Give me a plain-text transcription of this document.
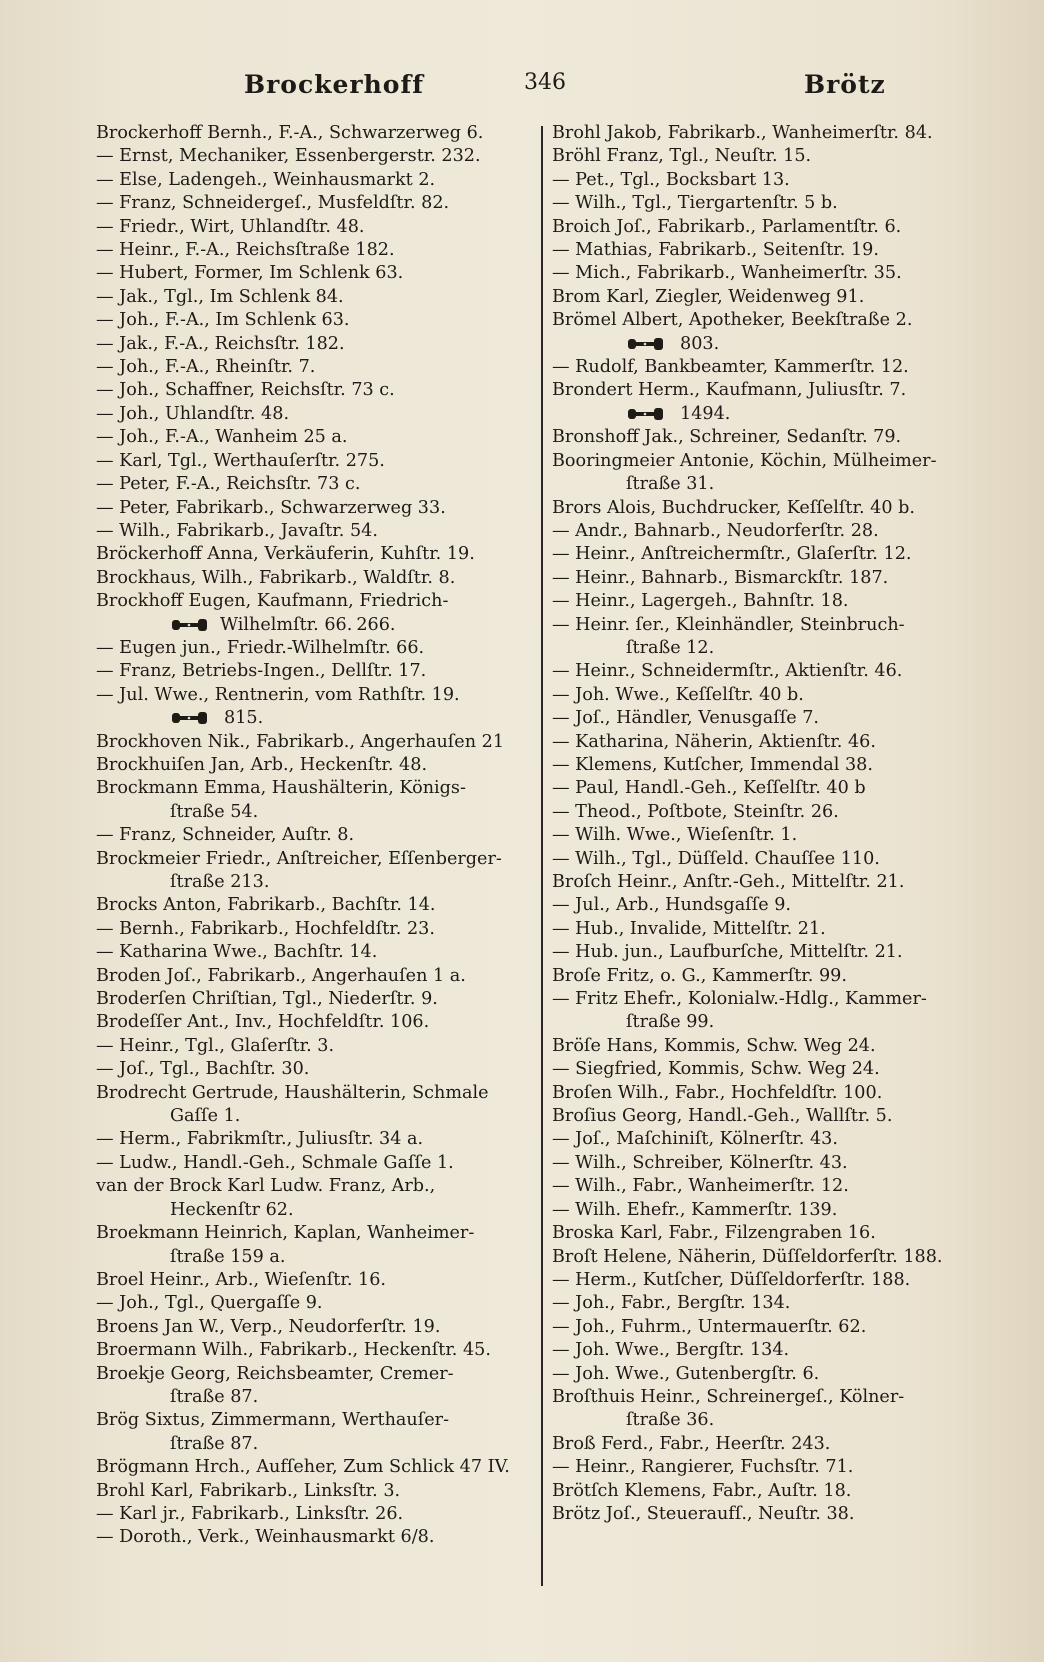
Brockerhoff	346	Brötz
Brockerhoff Bernh., F.-A., Schwarzerweg 6.
— Ernst, Mechaniker, Essenbergerstr. 232.
— Else, Ladengeh., Weinhausmarkt 2.
— Franz, Schneidergeſ., Musfeldſtr. 82.
— Friedr., Wirt, Uhlandſtr. 48.
— Heinr., F.-A., Reichsſtraße 182.
— Hubert, Former, Im Schlenk 63.
— Jak., Tgl., Im Schlenk 84.
— Joh., F.-A., Im Schlenk 63.
— Jak., F.-A., Reichsſtr. 182.
— Joh., F.-A., Rheinſtr. 7.
— Joh., Schaffner, Reichsſtr. 73 c.
— Joh., Uhlandſtr. 48.
— Joh., F.-A., Wanheim 25 a.
— Karl, Tgl., Werthauſerſtr. 275.
— Peter, F.-A., Reichsſtr. 73 c.
— Peter, Fabrikarb., Schwarzerweg 33.
— Wilh., Fabrikarb., Javaſtr. 54.
Bröckerhoff Anna, Verkäuferin, Kuhſtr. 19.
Brockhaus, Wilh., Fabrikarb., Waldſtr. 8.
Brockhoff Eugen, Kaufmann, Friedrich-
Wilhelmſtr. 66. 266.
— Eugen jun., Friedr.-Wilhelmſtr. 66.
— Franz, Betriebs-Ingen., Dellſtr. 17.
— Jul. Wwe., Rentnerin, vom Rathſtr. 19.
815.
Brockhoven Nik., Fabrikarb., Angerhauſen 21
Brockhuiſen Jan, Arb., Heckenſtr. 48.
Brockmann Emma, Haushälterin, Königs-
ſtraße 54.
— Franz, Schneider, Auſtr. 8.
Brockmeier Friedr., Anſtreicher, Eſſenberger-
ſtraße 213.
Brocks Anton, Fabrikarb., Bachſtr. 14.
— Bernh., Fabrikarb., Hochfeldſtr. 23.
— Katharina Wwe., Bachſtr. 14.
Broden Joſ., Fabrikarb., Angerhauſen 1 a.
Broderſen Chriſtian, Tgl., Niederſtr. 9.
Brodeſſer Ant., Inv., Hochfeldſtr. 106.
— Heinr., Tgl., Glaſerſtr. 3.
— Joſ., Tgl., Bachſtr. 30.
Brodrecht Gertrude, Haushälterin, Schmale
Gaſſe 1.
— Herm., Fabrikmſtr., Juliusſtr. 34 a.
— Ludw., Handl.-Geh., Schmale Gaſſe 1.
van der Brock Karl Ludw. Franz, Arb.,
Heckenſtr 62.
Broekmann Heinrich, Kaplan, Wanheimer-
ſtraße 159 a.
Broel Heinr., Arb., Wieſenſtr. 16.
— Joh., Tgl., Quergaſſe 9.
Broens Jan W., Verp., Neudorferſtr. 19.
Broermann Wilh., Fabrikarb., Heckenſtr. 45.
Broekje Georg, Reichsbeamter, Cremer-
ſtraße 87.
Brög Sixtus, Zimmermann, Werthauſer-
ſtraße 87.
Brögmann Hrch., Aufſeher, Zum Schlick 47 IV.
Brohl Karl, Fabrikarb., Linksſtr. 3.
— Karl jr., Fabrikarb., Linksſtr. 26.
— Doroth., Verk., Weinhausmarkt 6/8.
Brohl Jakob, Fabrikarb., Wanheimerſtr. 84.
Bröhl Franz, Tgl., Neuſtr. 15.
— Pet., Tgl., Bocksbart 13.
— Wilh., Tgl., Tiergartenſtr. 5 b.
Broich Joſ., Fabrikarb., Parlamentſtr. 6.
— Mathias, Fabrikarb., Seitenſtr. 19.
— Mich., Fabrikarb., Wanheimerſtr. 35.
Brom Karl, Ziegler, Weidenweg 91.
Brömel Albert, Apotheker, Beekſtraße 2.
803.
— Rudolf, Bankbeamter, Kammerſtr. 12.
Brondert Herm., Kaufmann, Juliusſtr. 7.
1494.
Bronshoff Jak., Schreiner, Sedanſtr. 79.
Booringmeier Antonie, Köchin, Mülheimer-
ſtraße 31.
Brors Alois, Buchdrucker, Keſſelſtr. 40 b.
— Andr., Bahnarb., Neudorferſtr. 28.
— Heinr., Anſtreichermſtr., Glaſerſtr. 12.
— Heinr., Bahnarb., Bismarckſtr. 187.
— Heinr., Lagergeh., Bahnſtr. 18.
— Heinr. ſer., Kleinhändler, Steinbruch-
ſtraße 12.
— Heinr., Schneidermſtr., Aktienſtr. 46.
— Joh. Wwe., Keſſelſtr. 40 b.
— Joſ., Händler, Venusgaſſe 7.
— Katharina, Näherin, Aktienſtr. 46.
— Klemens, Kutſcher, Immendal 38.
— Paul, Handl.-Geh., Keſſelſtr. 40 b
— Theod., Poſtbote, Steinſtr. 26.
— Wilh. Wwe., Wieſenſtr. 1.
— Wilh., Tgl., Düſſeld. Chauſſee 110.
Broſch Heinr., Anſtr.-Geh., Mittelſtr. 21.
— Jul., Arb., Hundsgaſſe 9.
— Hub., Invalide, Mittelſtr. 21.
— Hub. jun., Laufburſche, Mittelſtr. 21.
Broſe Fritz, o. G., Kammerſtr. 99.
— Fritz Ehefr., Kolonialw.-Hdlg., Kammer-
ſtraße 99.
Bröſe Hans, Kommis, Schw. Weg 24.
— Siegfried, Kommis, Schw. Weg 24.
Broſen Wilh., Fabr., Hochfeldſtr. 100.
Broſius Georg, Handl.-Geh., Wallſtr. 5.
— Joſ., Maſchiniſt, Kölnerſtr. 43.
— Wilh., Schreiber, Kölnerſtr. 43.
— Wilh., Fabr., Wanheimerſtr. 12.
— Wilh. Ehefr., Kammerſtr. 139.
Broska Karl, Fabr., Filzengraben 16.
Broſt Helene, Näherin, Düſſeldorferſtr. 188.
— Herm., Kutſcher, Düſſeldorferſtr. 188.
— Joh., Fabr., Bergſtr. 134.
— Joh., Fuhrm., Untermauerſtr. 62.
— Joh. Wwe., Bergſtr. 134.
— Joh. Wwe., Gutenbergſtr. 6.
Broſthuis Heinr., Schreinergeſ., Kölner-
ſtraße 36.
Broß Ferd., Fabr., Heerſtr. 243.
— Heinr., Rangierer, Fuchsſtr. 71.
Brötſch Klemens, Fabr., Auſtr. 18.
Brötz Joſ., Steueraufſ., Neuſtr. 38.
